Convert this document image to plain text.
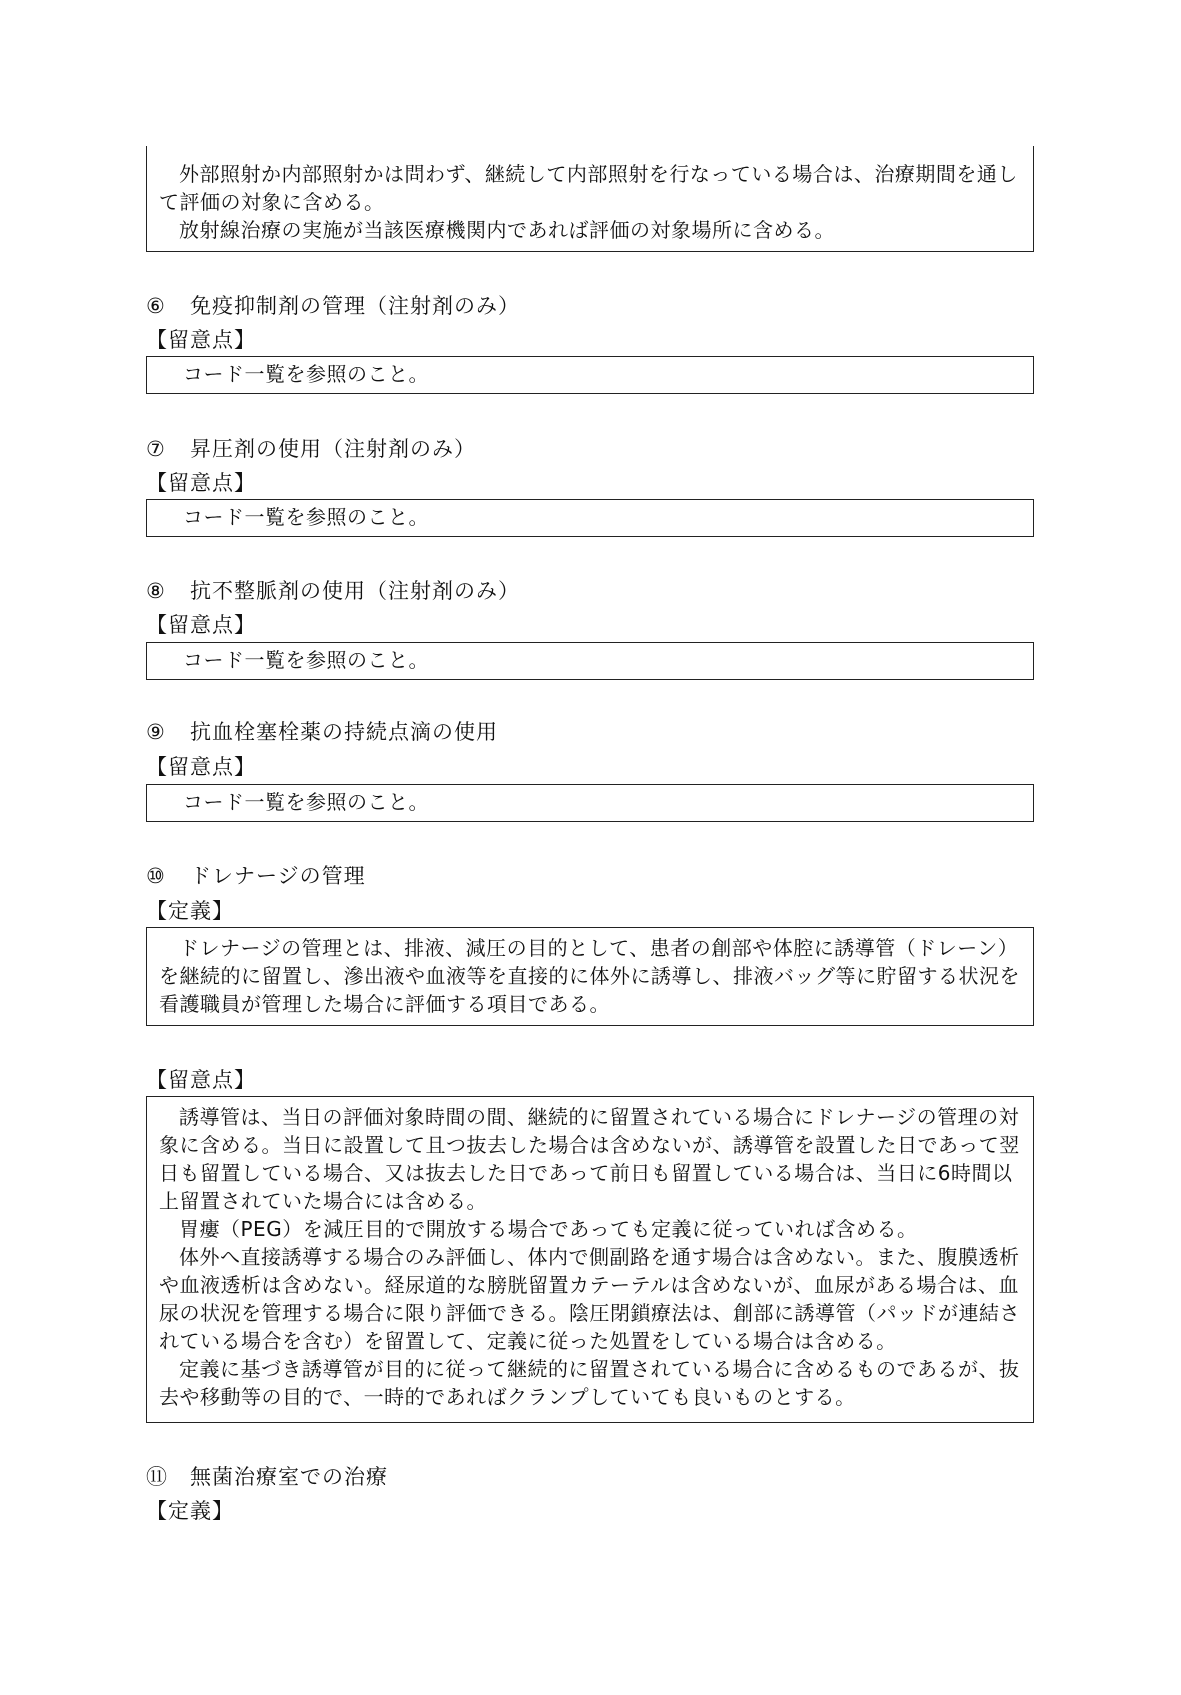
外部照射か内部照射かは問わず、継続して内部照射を行なっている場合は、治療期間を通して評価の対象に含める。

放射線治療の実施が当該医療機関内であれば評価の対象場所に含める。

⑥ 免疫抑制剤の管理（注射剤のみ）

【留意点】

コード一覧を参照のこと。

⑦ 昇圧剤の使用（注射剤のみ）

【留意点】

コード一覧を参照のこと。

⑧ 抗不整脈剤の使用（注射剤のみ）

【留意点】

コード一覧を参照のこと。

⑨ 抗血栓塞栓薬の持続点滴の使用

【留意点】

コード一覧を参照のこと。

⑩ ドレナージの管理

【定義】

ドレナージの管理とは、排液、減圧の目的として、患者の創部や体腔に誘導管（ドレーン）を継続的に留置し、滲出液や血液等を直接的に体外に誘導し、排液バッグ等に貯留する状況を看護職員が管理した場合に評価する項目である。

【留意点】

誘導管は、当日の評価対象時間の間、継続的に留置されている場合にドレナージの管理の対象に含める。当日に設置して且つ抜去した場合は含めないが、誘導管を設置した日であって翌日も留置している場合、又は抜去した日であって前日も留置している場合は、当日に6時間以上留置されていた場合には含める。

胃瘻（PEG）を減圧目的で開放する場合であっても定義に従っていれば含める。

体外へ直接誘導する場合のみ評価し、体内で側副路を通す場合は含めない。また、腹膜透析や血液透析は含めない。経尿道的な膀胱留置カテーテルは含めないが、血尿がある場合は、血尿の状況を管理する場合に限り評価できる。陰圧閉鎖療法は、創部に誘導管（パッドが連結されている場合を含む）を留置して、定義に従った処置をしている場合は含める。

定義に基づき誘導管が目的に従って継続的に留置されている場合に含めるものであるが、抜去や移動等の目的で、一時的であればクランプしていても良いものとする。

⑪ 無菌治療室での治療

【定義】
